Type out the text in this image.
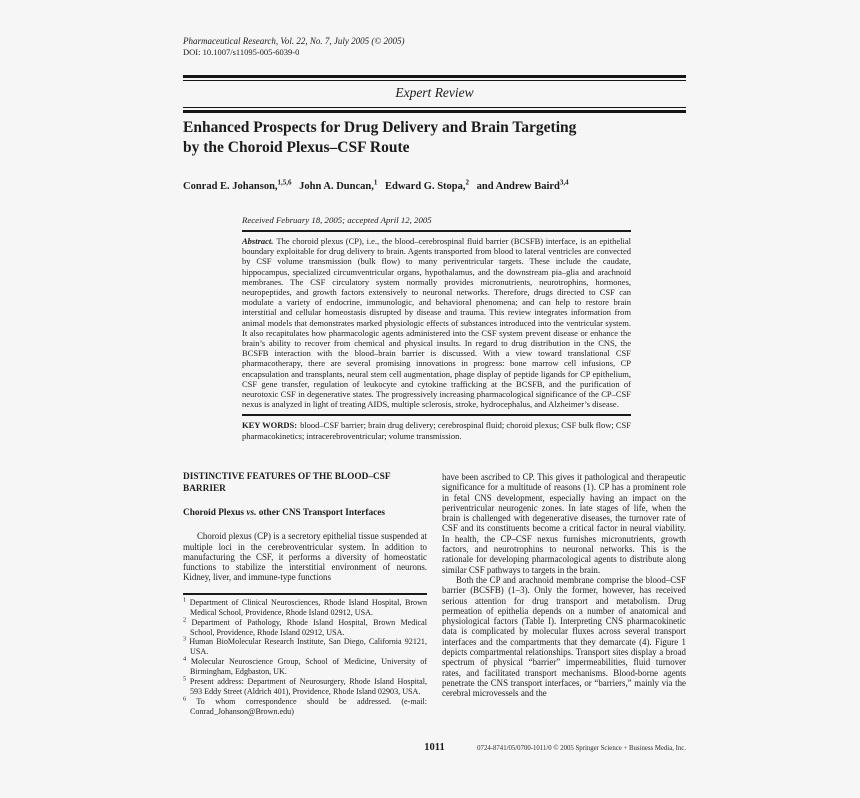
Pharmaceutical Research, Vol. 22, No. 7, July 2005 (© 2005)
DOI: 10.1007/s11095-005-6039-0
Expert Review
Enhanced Prospects for Drug Delivery and Brain Targeting
by the Choroid Plexus–CSF Route
Conrad E. Johanson,$^{1,5,6}$ John A. Duncan,$^1$ Edward G. Stopa,$^2$ and Andrew Baird$^{3,4}$
Received February 18, 2005; accepted April 12, 2005

Abstract. The choroid plexus (CP), i.e., the blood–cerebrospinal fluid barrier (BCSFB) interface, is an epithelial boundary exploitable for drug delivery to brain. Agents transported from blood to lateral ventricles are convected by CSF volume transmission (bulk flow) to many periventricular targets. These include the caudate, hippocampus, specialized circumventricular organs, hypothalamus, and the downstream pia–glia and arachnoid membranes. The CSF circulatory system normally provides micronutrients, neurotrophins, hormones, neuropeptides, and growth factors extensively to neuronal networks. Therefore, drugs directed to CSF can modulate a variety of endocrine, immunologic, and behavioral phenomena; and can help to restore brain interstitial and cellular homeostasis disrupted by disease and trauma. This review integrates information from animal models that demonstrates marked physiologic effects of substances introduced into the ventricular system. It also recapitulates how pharmacologic agents administered into the CSF system prevent disease or enhance the brain’s ability to recover from chemical and physical insults. In regard to drug distribution in the CNS, the BCSFB interaction with the blood–brain barrier is discussed. With a view toward translational CSF pharmacotherapy, there are several promising innovations in progress: bone marrow cell infusions, CP encapsulation and transplants, neural stem cell augmentation, phage display of peptide ligands for CP epithelium, CSF gene transfer, regulation of leukocyte and cytokine trafficking at the BCSFB, and the purification of neurotoxic CSF in degenerative states. The progressively increasing pharmacological significance of the CP–CSF nexus is analyzed in light of treating AIDS, multiple sclerosis, stroke, hydrocephalus, and Alzheimer’s disease.

KEY WORDS: blood–CSF barrier; brain drug delivery; cerebrospinal fluid; choroid plexus; CSF bulk flow; CSF pharmacokinetics; intracerebroventricular; volume transmission.

DISTINCTIVE FEATURES OF THE BLOOD–CSF BARRIER
Choroid Plexus vs. other CNS Transport Interfaces

Choroid plexus (CP) is a secretory epithelial tissue suspended at multiple loci in the cerebroventricular system. In addition to manufacturing the CSF, it performs a diversity of homeostatic functions to stabilize the interstitial environment of neurons. Kidney, liver, and immune-type functions

$^1$ Department of Clinical Neurosciences, Rhode Island Hospital, Brown Medical School, Providence, Rhode Island 02912, USA.
$^2$ Department of Pathology, Rhode Island Hospital, Brown Medical School, Providence, Rhode Island 02912, USA.
$^3$ Human BioMolecular Research Institute, San Diego, California 92121, USA.
$^4$ Molecular Neuroscience Group, School of Medicine, University of Birmingham, Edgbaston, UK.
$^5$ Present address: Department of Neurosurgery, Rhode Island Hospital, 593 Eddy Street (Aldrich 401), Providence, Rhode Island 02903, USA.
$^6$ To whom correspondence should be addressed. (e-mail: Conrad_Johanson@Brown.edu)

have been ascribed to CP. This gives it pathological and therapeutic significance for a multitude of reasons (1). CP has a prominent role in fetal CNS development, especially having an impact on the periventricular neurogenic zones. In late stages of life, when the brain is challenged with degenerative diseases, the turnover rate of CSF and its constituents become a critical factor in neural viability. In health, the CP–CSF nexus furnishes micronutrients, growth factors, and neurotrophins to neuronal networks. This is the rationale for developing pharmacological agents to distribute along similar CSF pathways to targets in the brain.

Both the CP and arachnoid membrane comprise the blood–CSF barrier (BCSFB) (1–3). Only the former, however, has received serious attention for drug transport and metabolism. Drug permeation of epithelia depends on a number of anatomical and physiological factors (Table I). Interpreting CNS pharmacokinetic data is complicated by molecular fluxes across several transport interfaces and the compartments that they demarcate (4). Figure 1 depicts compartmental relationships. Transport sites display a broad spectrum of physical “barrier” impermeabilities, fluid turnover rates, and facilitated transport mechanisms. Blood-borne agents penetrate the CNS transport interfaces, or “barriers,” mainly via the cerebral microvessels and the

1011	0724-8741/05/0700-1011/0 © 2005 Springer Science + Business Media, Inc.
